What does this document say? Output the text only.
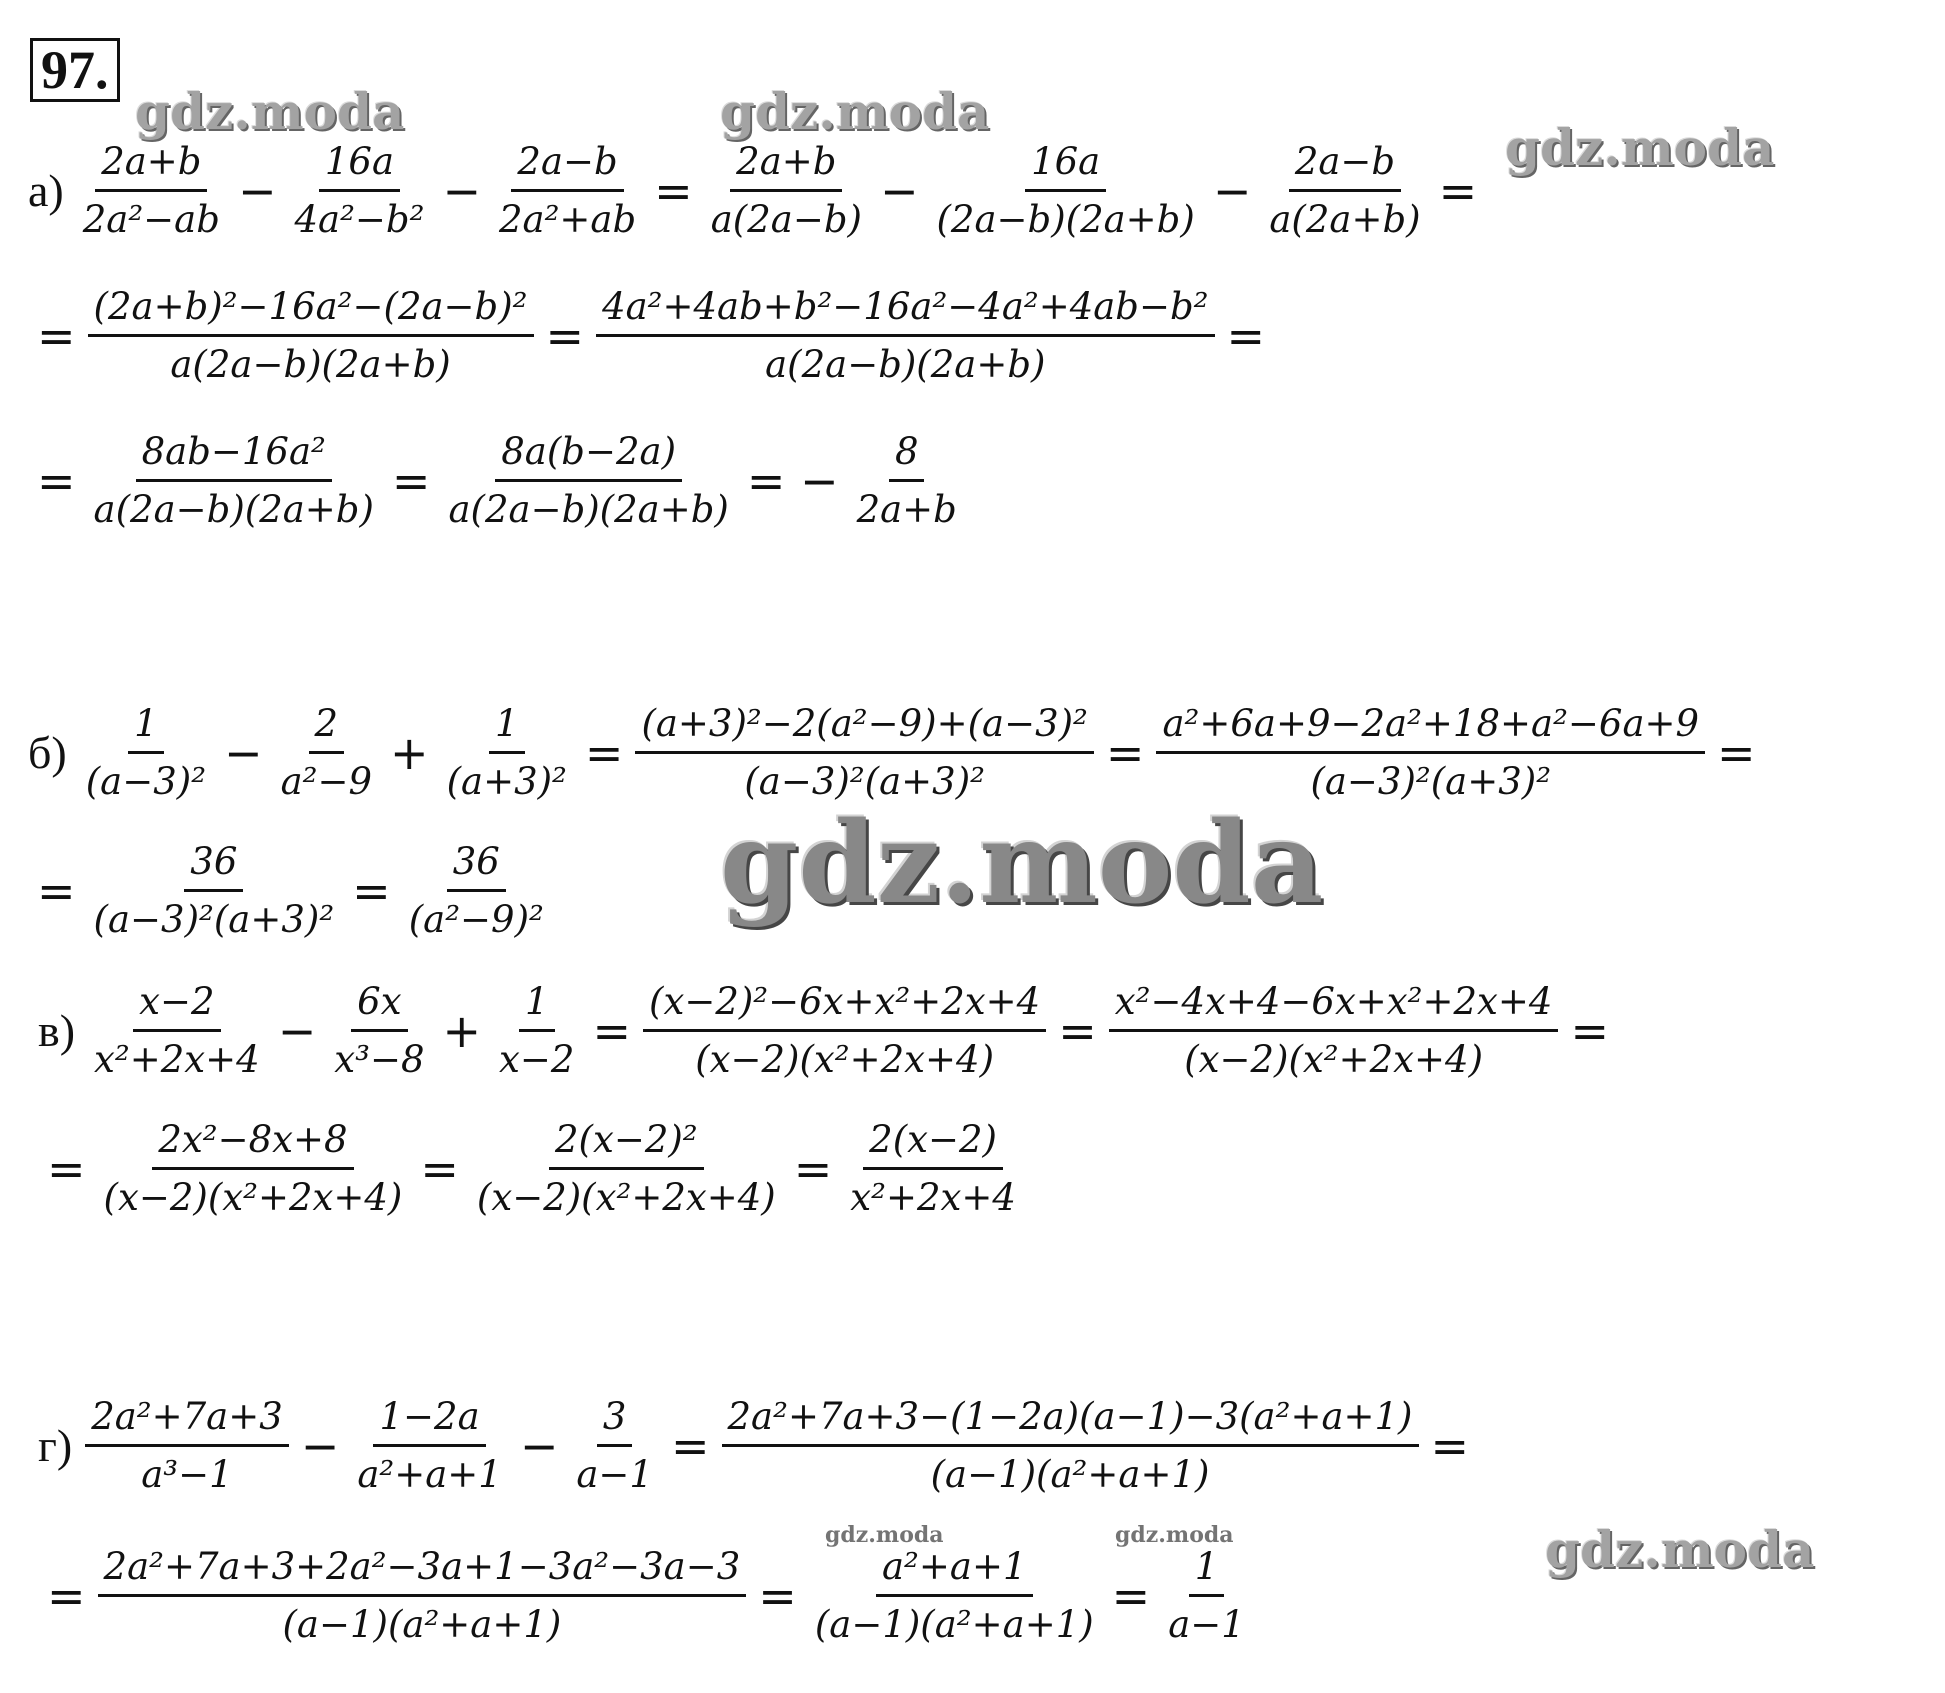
97.
gdz.moda	gdz.moda
gdz.moda
gdz.moda
gdz.moda	gdz.moda	gdz.moda
$а) \frac{2a+b}{\text{2a²−ab}} - \frac{16a}{\text{4a²−b²}} - \frac{2a-b}{\text{2a²+ab}} = \frac{2a+b}{a(2a-b)} - \frac{16a}{(2a-b)(2a+b)} - \frac{2a-b}{a(2a+b)}$ =
= $\frac{\text{(2a+b)²−16a²−(2a−b)²}}{a(2a-b)(2a+b)} = \frac{\text{4a²+4ab+b²−16a²−4a²+4ab−b²}}{a(2a-b)(2a+b)}$ =
= $\frac{\text{8ab−16a²}}{a(2a-b)(2a+b)} = \frac{8a(b-2a)}{a(2a-b)(2a+b)}$ = − $\frac{8}{2a+b}$
$б) \frac{1}{\text{(a−3)²}} - \frac{2}{\text{a²−9}} + \frac{1}{\text{(a+3)²}} = \frac{\text{(a+3)²−2(a²−9)+(a−3)²}}{\text{(a−3)²(a+3)²}} = \frac{\text{a²+6a+9−2a²+18+a²−6a+9}}{\text{(a−3)²(a+3)²}}$ =
= $\frac{36}{\text{(a−3)²(a+3)²}} = \frac{36}{\text{(a²−9)²}}$
$в) \frac{x-2}{\text{x²+2x+4}} - \frac{6x}{\text{x³−8}} + \frac{1}{x-2} = \frac{\text{(x−2)²−6x+x²+2x+4}}{\text{(x−2)(x²+2x+4)}} = \frac{\text{x²−4x+4−6x+x²+2x+4}}{\text{(x−2)(x²+2x+4)}}$ =
= $\frac{\text{2x²−8x+8}}{\text{(x−2)(x²+2x+4)}} = \frac{\text{2(x−2)²}}{\text{(x−2)(x²+2x+4)}} = \frac{2(x-2)}{\text{x²+2x+4}}$
$г) \frac{\text{2a²+7a+3}}{\text{a³−1}} - \frac{1-2a}{\text{a²+a+1}} - \frac{3}{a-1} = \frac{\text{2a²+7a+3−(1−2a)(a−1)−3(a²+a+1)}}{\text{(a−1)(a²+a+1)}}$ =
= $\frac{\text{2a²+7a+3+2a²−3a+1−3a²−3a−3}}{\text{(a−1)(a²+a+1)}} = \frac{\text{a²+a+1}}{\text{(a−1)(a²+a+1)}} = \frac{1}{a-1}$
